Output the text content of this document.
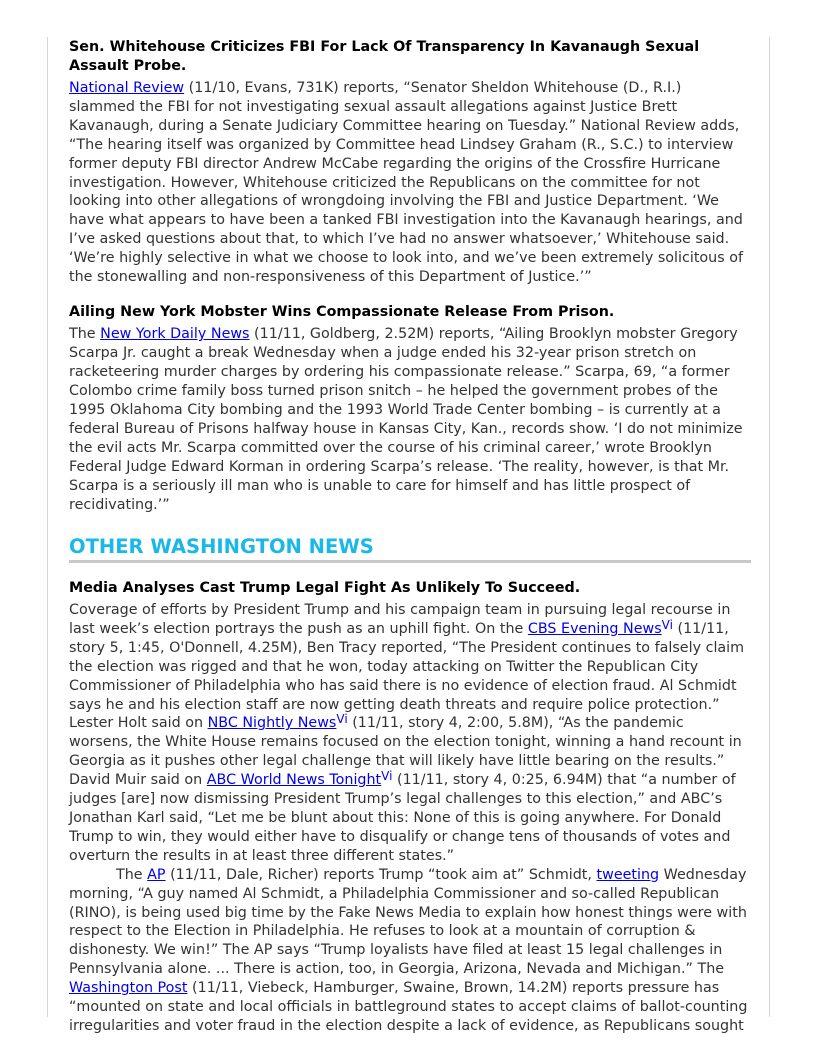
Sen. Whitehouse Criticizes FBI For Lack Of Transparency In Kavanaugh Sexual Assault Probe.

National Review (11/10, Evans, 731K) reports, “Senator Sheldon Whitehouse (D., R.I.) slammed the FBI for not investigating sexual assault allegations against Justice Brett Kavanaugh, during a Senate Judiciary Committee hearing on Tuesday.” National Review adds, “The hearing itself was organized by Committee head Lindsey Graham (R., S.C.) to interview former deputy FBI director Andrew McCabe regarding the origins of the Crossfire Hurricane investigation. However, Whitehouse criticized the Republicans on the committee for not looking into other allegations of wrongdoing involving the FBI and Justice Department. ‘We have what appears to have been a tanked FBI investigation into the Kavanaugh hearings, and I’ve asked questions about that, to which I’ve had no answer whatsoever,’ Whitehouse said. ‘We’re highly selective in what we choose to look into, and we’ve been extremely solicitous of the stonewalling and non-responsiveness of this Department of Justice.’”

Ailing New York Mobster Wins Compassionate Release From Prison.

The New York Daily News (11/11, Goldberg, 2.52M) reports, “Ailing Brooklyn mobster Gregory Scarpa Jr. caught a break Wednesday when a judge ended his 32-year prison stretch on racketeering murder charges by ordering his compassionate release.” Scarpa, 69, “a former Colombo crime family boss turned prison snitch – he helped the government probes of the 1995 Oklahoma City bombing and the 1993 World Trade Center bombing – is currently at a federal Bureau of Prisons halfway house in Kansas City, Kan., records show. ‘I do not minimize the evil acts Mr. Scarpa committed over the course of his criminal career,’ wrote Brooklyn Federal Judge Edward Korman in ordering Scarpa’s release. ‘The reality, however, is that Mr. Scarpa is a seriously ill man who is unable to care for himself and has little prospect of recidivating.’”

OTHER WASHINGTON NEWS
Media Analyses Cast Trump Legal Fight As Unlikely To Succeed.

Coverage of efforts by President Trump and his campaign team in pursuing legal recourse in last week’s election portrays the push as an uphill fight. On the CBS Evening News$^{Vi}$ (11/11, story 5, 1:45, O'Donnell, 4.25M), Ben Tracy reported, “The President continues to falsely claim the election was rigged and that he won, today attacking on Twitter the Republican City Commissioner of Philadelphia who has said there is no evidence of election fraud. Al Schmidt says he and his election staff are now getting death threats and require police protection.” Lester Holt said on NBC Nightly News$^{Vi}$ (11/11, story 4, 2:00, 5.8M), “As the pandemic worsens, the White House remains focused on the election tonight, winning a hand recount in Georgia as it pushes other legal challenge that will likely have little bearing on the results.” David Muir said on ABC World News Tonight$^{Vi}$ (11/11, story 4, 0:25, 6.94M) that “a number of judges [are] now dismissing President Trump’s legal challenges to this election,” and ABC’s Jonathan Karl said, “Let me be blunt about this: None of this is going anywhere. For Donald Trump to win, they would either have to disqualify or change tens of thousands of votes and overturn the results in at least three different states.”

The AP (11/11, Dale, Richer) reports Trump “took aim at” Schmidt, tweeting Wednesday morning, “A guy named Al Schmidt, a Philadelphia Commissioner and so-called Republican (RINO), is being used big time by the Fake News Media to explain how honest things were with respect to the Election in Philadelphia. He refuses to look at a mountain of corruption & dishonesty. We win!” The AP says “Trump loyalists have filed at least 15 legal challenges in Pennsylvania alone. ... There is action, too, in Georgia, Arizona, Nevada and Michigan.” The Washington Post (11/11, Viebeck, Hamburger, Swaine, Brown, 14.2M) reports pressure has “mounted on state and local officials in battleground states to accept claims of ballot-counting irregularities and voter fraud in the election despite a lack of evidence, as Republicans sought
